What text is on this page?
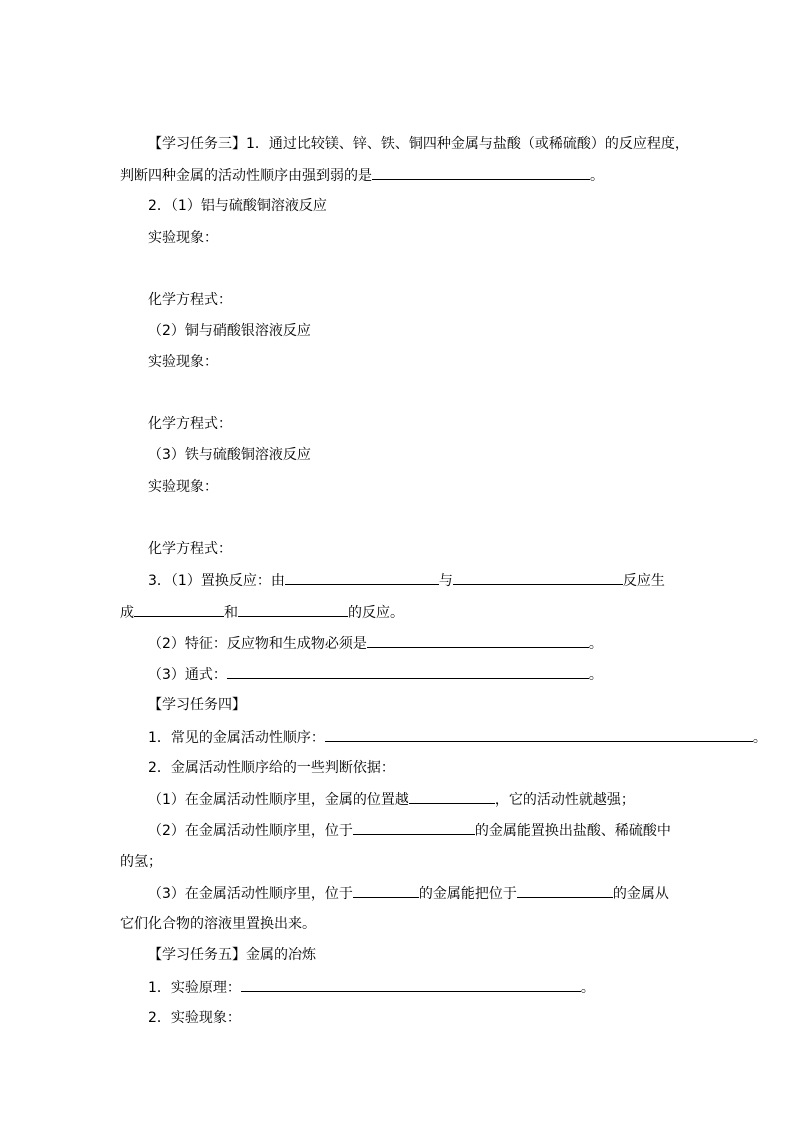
【学习任务三】1．通过比较镁、锌、铁、铜四种金属与盐酸（或稀硫酸）的反应程度，
判断四种金属的活动性顺序由强到弱的是	。
2．（1）铝与硫酸铜溶液反应
实验现象：
化学方程式：
（2）铜与硝酸银溶液反应
实验现象：
化学方程式：
（3）铁与硫酸铜溶液反应
实验现象：
化学方程式：
3．（1）置换反应：由	与	反应生
成	和	的反应。
（2）特征：反应物和生成物必须是	。
（3）通式：	。
【学习任务四】
1．常见的金属活动性顺序：	。
2．金属活动性顺序给的一些判断依据：
（1）在金属活动性顺序里，金属的位置越	，它的活动性就越强；
（2）在金属活动性顺序里，位于	的金属能置换出盐酸、稀硫酸中
的氢；
（3）在金属活动性顺序里，位于	的金属能把位于	的金属从
它们化合物的溶液里置换出来。
【学习任务五】金属的冶炼
1．实验原理：	。
2．实验现象：
